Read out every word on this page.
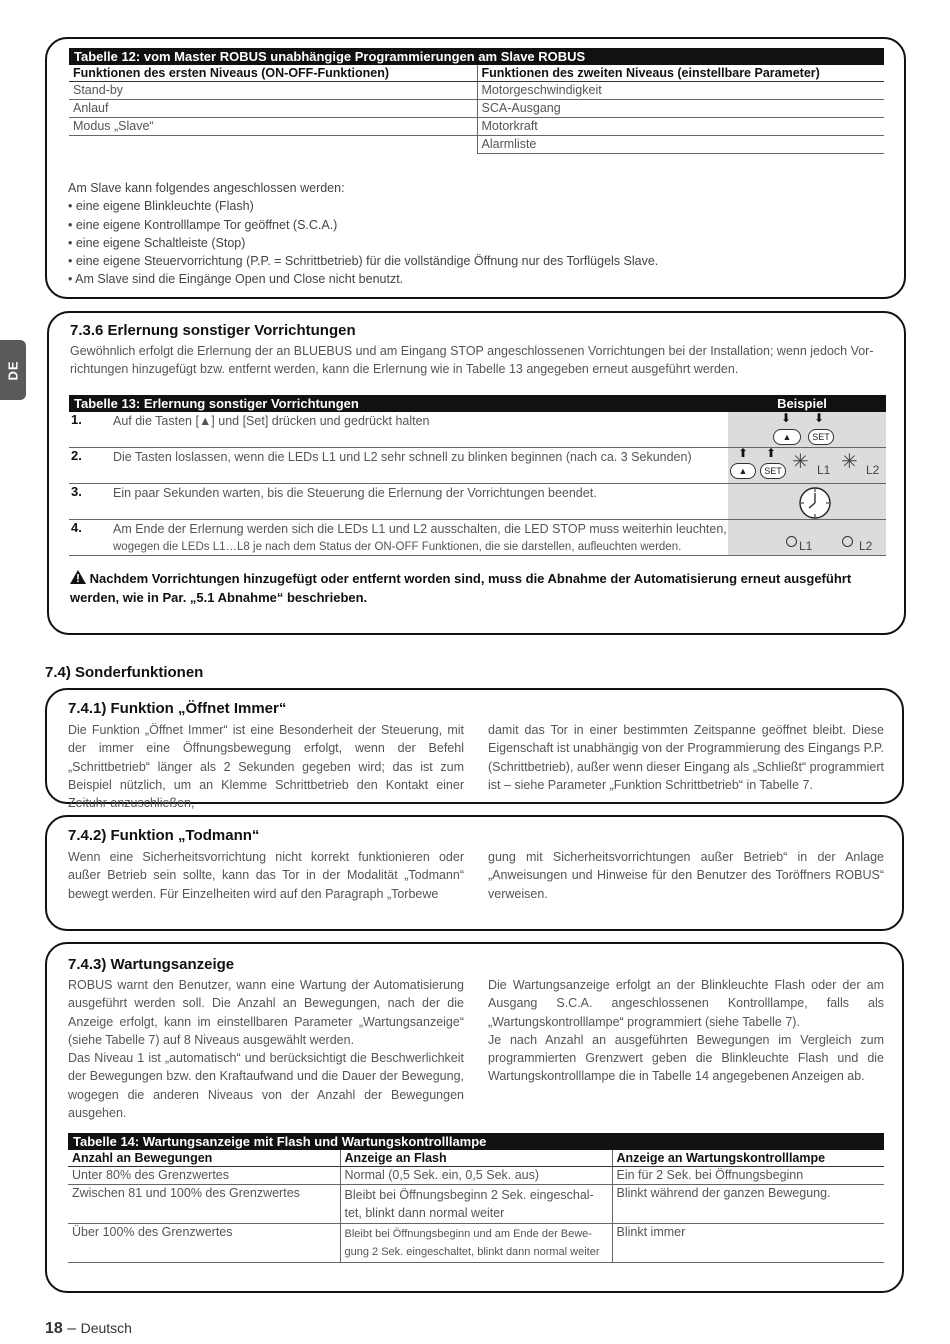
DE
Tabelle 12: vom Master ROBUS unabhängige Programmierungen am Slave ROBUS
Funktionen des ersten Niveaus (ON-OFF-Funktionen)	Funktionen des zweiten Niveaus (einstellbare Parameter)
Stand-by	Motorgeschwindigkeit
Anlauf	SCA-Ausgang
Modus „Slave“	Motorkraft
	Alarmliste

Am Slave kann folgendes angeschlossen werden:

• eine eigene Blinkleuchte (Flash)

• eine eigene Kontrolllampe Tor geöffnet (S.C.A.)

• eine eigene Schaltleiste (Stop)

• eine eigene Steuervorrichtung (P.P. = Schrittbetrieb) für die vollständige Öffnung nur des Torflügels Slave.

• Am Slave sind die Eingänge Open und Close nicht benutzt.

7.3.6 Erlernung sonstiger Vorrichtungen
Gewöhnlich erfolgt die Erlernung der an BLUEBUS und am Eingang STOP angeschlossenen Vorrichtungen bei der Installation; wenn jedoch Vor-
richtungen hinzugefügt bzw. entfernt werden, kann die Erlernung wie in Tabelle 13 angegeben erneut ausgeführt werden.
Tabelle 13: Erlernung sonstiger Vorrichtungen	Beispiel
1.	Auf die Tasten [▲] und [Set] drücken und gedrückt halten	⬇ ⬇
▲	SET
2.	Die Tasten loslassen, wenn die LEDs L1 und L2 sehr schnell zu blinken beginnen (nach ca. 3 Sekunden)	⬆ ⬆
▲	SET ✳ L1 ✳ L2
3.	Ein paar Sekunden warten, bis die Steuerung die Erlernung der Vorrichtungen beendet.
4.	Am Ende der Erlernung werden sich die LEDs L1 und L2 ausschalten, die LED STOP muss weiterhin leuchten,
wogegen die LEDs L1…L8 je nach dem Status der ON-OFF Funktionen, die sie darstellen, aufleuchten werden.	L1	L2
Nachdem Vorrichtungen hinzugefügt oder entfernt worden sind, muss die Abnahme der Automatisierung erneut ausgeführt
werden, wie in Par. „5.1 Abnahme“ beschrieben.
7.4) Sonderfunktionen
7.4.1) Funktion „Öffnet Immer“
Die Funktion „Öffnet Immer“ ist eine Besonderheit der Steuerung, mit der immer eine Öffnungsbewegung erfolgt, wenn der Befehl „Schrittbetrieb“ länger als 2 Sekunden gegeben wird; das ist zum Beispiel nützlich, um an Klemme Schrittbetrieb den Kontakt einer Zeituhr anzuschließen,
damit das Tor in einer bestimmten Zeitspanne geöffnet bleibt. Diese Eigenschaft ist unabhängig von der Programmierung des Eingangs P.P. (Schrittbetrieb), außer wenn dieser Eingang als „Schließt“ programmiert ist – siehe Parameter „Funktion Schrittbetrieb“ in Tabelle 7.
7.4.2) Funktion „Todmann“
Wenn eine Sicherheitsvorrichtung nicht korrekt funktionieren oder außer Betrieb sein sollte, kann das Tor in der Modalität „Todmann“ bewegt werden. Für Einzelheiten wird auf den Paragraph „Torbewe
gung mit Sicherheitsvorrichtungen außer Betrieb“ in der Anlage „Anweisungen und Hinweise für den Benutzer des Toröffners ROBUS“ verweisen.
7.4.3) Wartungsanzeige
ROBUS warnt den Benutzer, wann eine Wartung der Automatisierung ausgeführt werden soll. Die Anzahl an Bewegungen, nach der die Anzeige erfolgt, kann im einstellbaren Parameter „Wartungsanzeige“ (siehe Tabelle 7) auf 8 Niveaus ausgewählt werden.
Das Niveau 1 ist „automatisch“ und berücksichtigt die Beschwerlichkeit der Bewegungen bzw. den Kraftaufwand und die Dauer der Bewegung, wogegen die anderen Niveaus von der Anzahl der Bewegungen ausgehen.
Die Wartungsanzeige erfolgt an der Blinkleuchte Flash oder der am Ausgang S.C.A. angeschlossenen Kontrolllampe, falls als „Wartungskontrolllampe“ programmiert (siehe Tabelle 7).
Je nach Anzahl an ausgeführten Bewegungen im Vergleich zum programmierten Grenzwert geben die Blinkleuchte Flash und die Wartungskontrolllampe die in Tabelle 14 angegebenen Anzeigen ab.
Tabelle 14: Wartungsanzeige mit Flash und Wartungskontrolllampe
Anzahl an Bewegungen	Anzeige an Flash	Anzeige an Wartungskontrolllampe
Unter 80% des Grenzwertes	Normal (0,5 Sek. ein, 0,5 Sek. aus)	Ein für 2 Sek. bei Öffnungsbeginn
Zwischen 81 und 100% des Grenzwertes	Bleibt bei Öffnungsbeginn 2 Sek. eingeschal-tet, blinkt dann normal weiter	Blinkt während der ganzen Bewegung.
Über 100% des Grenzwertes	Bleibt bei Öffnungsbeginn und am Ende der Bewe-gung 2 Sek. eingeschaltet, blinkt dann normal weiter	Blinkt immer
18 – Deutsch
